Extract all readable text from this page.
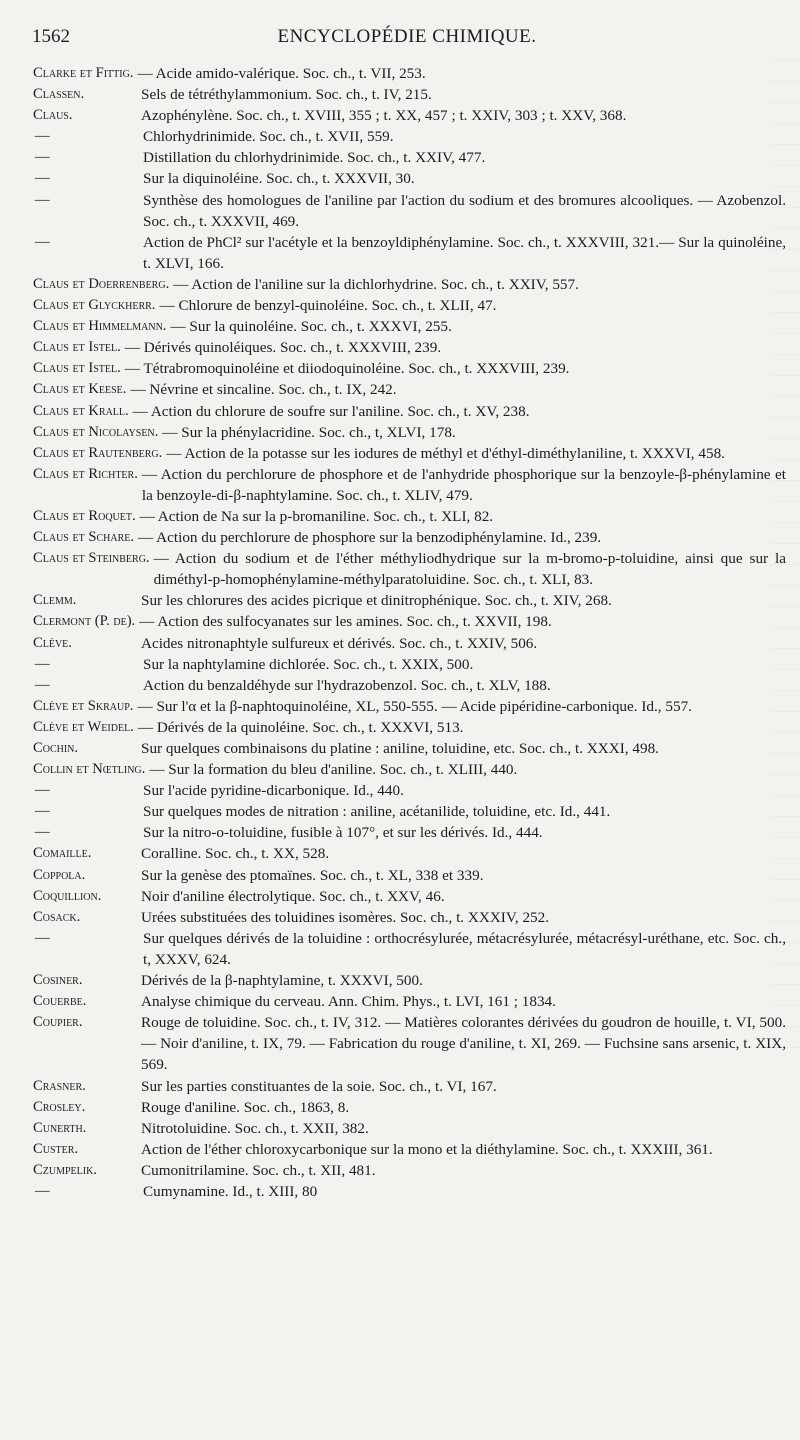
1562	ENCYCLOPÉDIE CHIMIQUE.
Clarke et Fittig. — Acide amido-valérique. Soc. ch., t. VII, 253.
Classen.	Sels de tétréthylammonium. Soc. ch., t. IV, 215.
Claus.	Azophénylène. Soc. ch., t. XVIII, 355 ; t. XX, 457 ; t. XXIV, 303 ; t. XXV, 368.
—	Chlorhydrinimide. Soc. ch., t. XVII, 559.
—	Distillation du chlorhydrinimide. Soc. ch., t. XXIV, 477.
—	Sur la diquinoléine. Soc. ch., t. XXXVII, 30.
—	Synthèse des homologues de l'aniline par l'action du sodium et des bromures alcooliques. — Azobenzol. Soc. ch., t. XXXVII, 469.
—	Action de PhCl² sur l'acétyle et la benzoyldiphénylamine. Soc. ch., t. XXXVIII, 321.— Sur la quinoléine, t. XLVI, 166.
Claus et Doerrenberg. — Action de l'aniline sur la dichlorhydrine. Soc. ch., t. XXIV, 557.
Claus et Glyckherr. — Chlorure de benzyl-quinoléine. Soc. ch., t. XLII, 47.
Claus et Himmelmann. — Sur la quinoléine. Soc. ch., t. XXXVI, 255.
Claus et Istel. — Dérivés quinoléiques. Soc. ch., t. XXXVIII, 239.
Claus et Istel. — Tétrabromoquinoléine et diiodoquinoléine. Soc. ch., t. XXXVIII, 239.
Claus et Keese. — Névrine et sincaline. Soc. ch., t. IX, 242.
Claus et Krall. — Action du chlorure de soufre sur l'aniline. Soc. ch., t. XV, 238.
Claus et Nicolaysen. — Sur la phénylacridine. Soc. ch., t, XLVI, 178.
Claus et Rautenberg. — Action de la potasse sur les iodures de méthyl et d'éthyl-diméthylaniline, t. XXXVI, 458.
Claus et Richter. — Action du perchlorure de phosphore et de l'anhydride phosphorique sur la benzoyle-β-phénylamine et la benzoyle-di-β-naphtylamine. Soc. ch., t. XLIV, 479.
Claus et Roquet. — Action de Na sur la p-bromaniline. Soc. ch., t. XLI, 82.
Claus et Schare. — Action du perchlorure de phosphore sur la benzodiphénylamine. Id., 239.
Claus et Steinberg. — Action du sodium et de l'éther méthyliodhydrique sur la m-bromo-p-toluidine, ainsi que sur la diméthyl-p-homophénylamine-méthylparatoluidine. Soc. ch., t. XLI, 83.
Clemm.	Sur les chlorures des acides picrique et dinitrophénique. Soc. ch., t. XIV, 268.
Clermont (P. de). — Action des sulfocyanates sur les amines. Soc. ch., t. XXVII, 198.
Clève.	Acides nitronaphtyle sulfureux et dérivés. Soc. ch., t. XXIV, 506.
—	Sur la naphtylamine dichlorée. Soc. ch., t. XXIX, 500.
—	Action du benzaldéhyde sur l'hydrazobenzol. Soc. ch., t. XLV, 188.
Clève et Skraup. — Sur l'α et la β-naphtoquinoléine, XL, 550-555. — Acide pipéridine-carbonique. Id., 557.
Clève et Weidel. — Dérivés de la quinoléine. Soc. ch., t. XXXVI, 513.
Cochin.	Sur quelques combinaisons du platine : aniline, toluidine, etc. Soc. ch., t. XXXI, 498.
Collin et Nœtling. — Sur la formation du bleu d'aniline. Soc. ch., t. XLIII, 440.
—	Sur l'acide pyridine-dicarbonique. Id., 440.
—	Sur quelques modes de nitration : aniline, acétanilide, toluidine, etc. Id., 441.
—	Sur la nitro-o-toluidine, fusible à 107°, et sur les dérivés. Id., 444.
Comaille.	Coralline. Soc. ch., t. XX, 528.
Coppola.	Sur la genèse des ptomaïnes. Soc. ch., t. XL, 338 et 339.
Coquillion.	Noir d'aniline électrolytique. Soc. ch., t. XXV, 46.
Cosack.	Urées substituées des toluidines isomères. Soc. ch., t. XXXIV, 252.
—	Sur quelques dérivés de la toluidine : orthocrésylurée, métacrésylurée, métacrésyl-uréthane, etc. Soc. ch., t, XXXV, 624.
Cosiner.	Dérivés de la β-naphtylamine, t. XXXVI, 500.
Couerbe.	Analyse chimique du cerveau. Ann. Chim. Phys., t. LVI, 161 ; 1834.
Coupier.	Rouge de toluidine. Soc. ch., t. IV, 312. — Matières colorantes dérivées du goudron de houille, t. VI, 500. — Noir d'aniline, t. IX, 79. — Fabrication du rouge d'aniline, t. XI, 269. — Fuchsine sans arsenic, t. XIX, 569.
Crasner.	Sur les parties constituantes de la soie. Soc. ch., t. VI, 167.
Crosley.	Rouge d'aniline. Soc. ch., 1863, 8.
Cunerth.	Nitrotoluidine. Soc. ch., t. XXII, 382.
Custer.	Action de l'éther chloroxycarbonique sur la mono et la diéthylamine. Soc. ch., t. XXXIII, 361.
Czumpelik.	Cumonitrilamine. Soc. ch., t. XII, 481.
—	Cumynamine. Id., t. XIII, 80
